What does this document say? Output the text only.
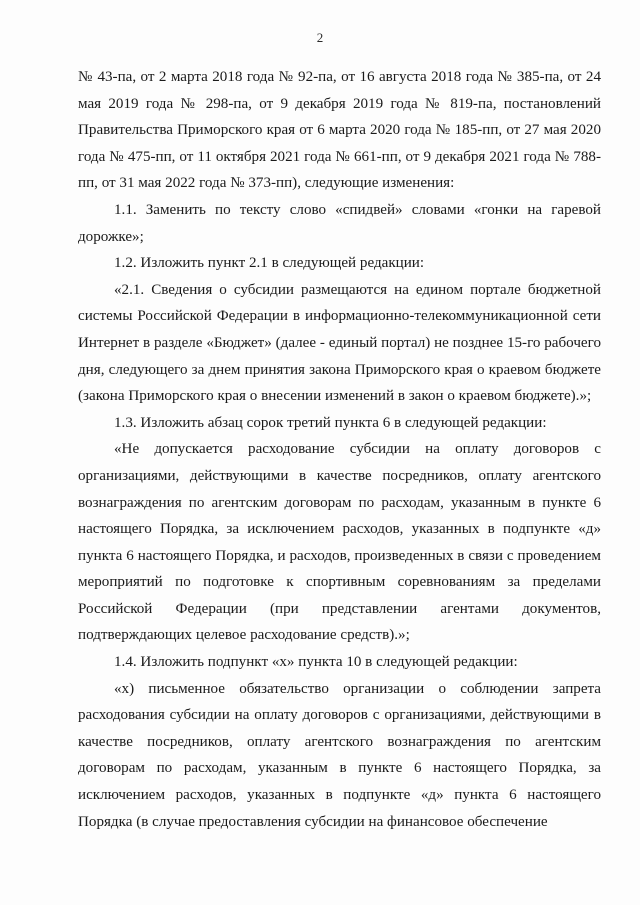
2

№ 43-па, от 2 марта 2018 года № 92-па, от 16 августа 2018 года № 385-па, от 24 мая 2019 года № 298-па, от 9 декабря 2019 года № 819-па, постановлений Правительства Приморского края от 6 марта 2020 года № 185-пп, от 27 мая 2020 года № 475-пп, от 11 октября 2021 года № 661-пп, от 9 декабря 2021 года № 788-пп, от 31 мая 2022 года № 373-пп), следующие изменения:

1.1. Заменить по тексту слово «спидвей» словами «гонки на гаревой дорожке»;

1.2. Изложить пункт 2.1 в следующей редакции:

«2.1. Сведения о субсидии размещаются на едином портале бюджетной системы Российской Федерации в информационно-телекоммуникационной сети Интернет в разделе «Бюджет» (далее - единый портал) не позднее 15-го рабочего дня, следующего за днем принятия закона Приморского края о краевом бюджете (закона Приморского края о внесении изменений в закон о краевом бюджете).»;

1.3. Изложить абзац сорок третий пункта 6 в следующей редакции:

«Не допускается расходование субсидии на оплату договоров с организациями, действующими в качестве посредников, оплату агентского вознаграждения по агентским договорам по расходам, указанным в пункте 6 настоящего Порядка, за исключением расходов, указанных в подпункте «д» пункта 6 настоящего Порядка, и расходов, произведенных в связи с проведением мероприятий по подготовке к спортивным соревнованиям за пределами Российской Федерации (при представлении агентами документов, подтверждающих целевое расходование средств).»;

1.4. Изложить подпункт «х» пункта 10 в следующей редакции:

«х) письменное обязательство организации о соблюдении запрета расходования субсидии на оплату договоров с организациями, действующими в качестве посредников, оплату агентского вознаграждения по агентским договорам по расходам, указанным в пункте 6 настоящего Порядка, за исключением расходов, указанных в подпункте «д» пункта 6 настоящего Порядка (в случае предоставления субсидии на финансовое обеспечение
